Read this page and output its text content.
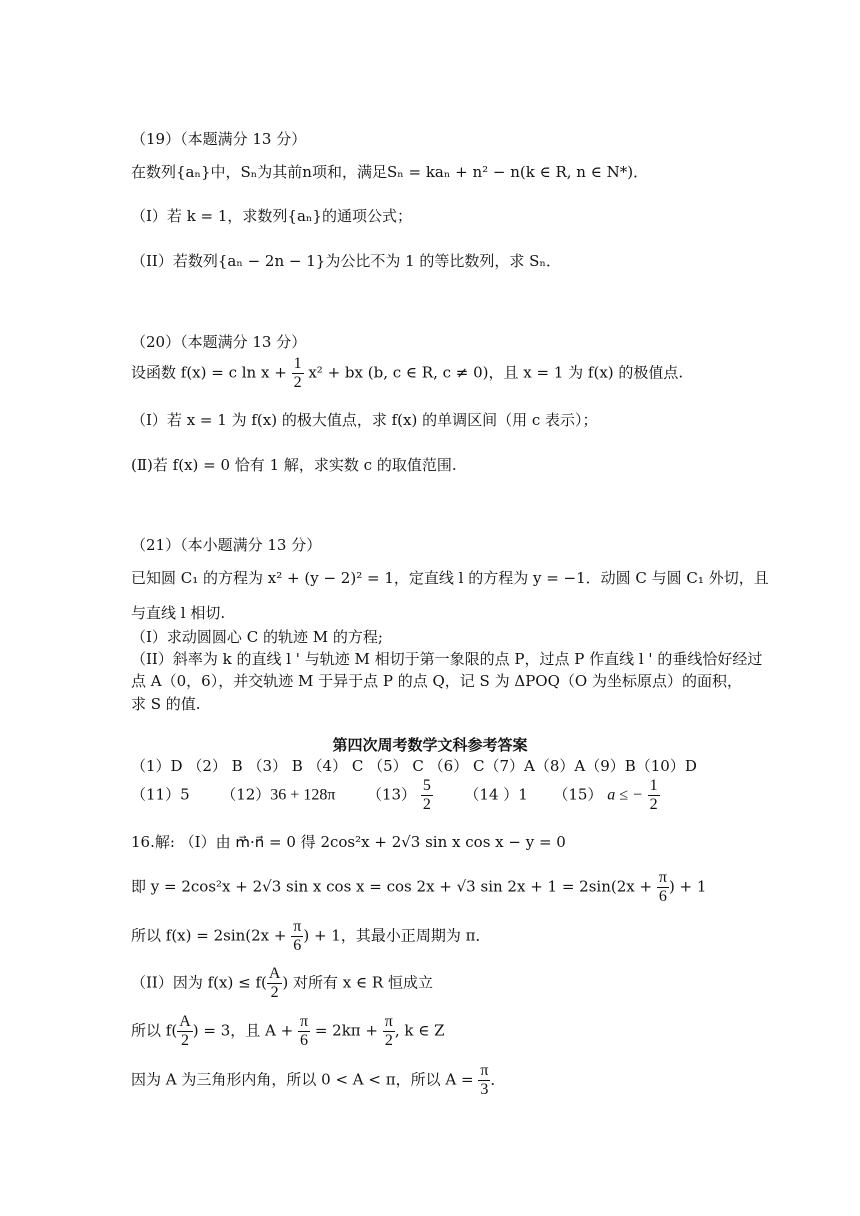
（19）（本题满分 13 分）
在数列{aₙ}中，Sₙ为其前n项和，满足Sₙ = kaₙ + n² − n(k ∈ R, n ∈ N*)．
（I）若 k = 1，求数列{aₙ}的通项公式；
（II）若数列{aₙ − 2n − 1}为公比不为 1 的等比数列，求 Sₙ．
（20）（本题满分 13 分）
设函数 f(x) = c $\ln x + \frac{1}{2} x^2$ + bx (b, c ∈ R, c ≠ 0)，且 x = 1 为 f(x) 的极值点.
（Ⅰ）若 x = 1 为 f(x) 的极大值点，求 f(x) 的单调区间（用 c 表示）；
(Ⅱ)若 f(x) = 0 恰有 1 解，求实数 c 的取值范围.
（21）（本小题满分 13 分）
已知圆 C₁ 的方程为 x² + (y − 2)² = 1，定直线 l 的方程为 y = −1．动圆 C 与圆 C₁ 外切，且
与直线 l 相切.
（Ⅰ）求动圆圆心 C 的轨迹 M 的方程;
（II）斜率为 k 的直线 l ' 与轨迹 M 相切于第一象限的点 P，过点 P 作直线 l ' 的垂线恰好经过
点 A（0，6），并交轨迹 M 于异于点 P 的点 Q，记 S 为 ΔPOQ（O 为坐标原点）的面积，
求 S 的值.
第四次周考数学文科参考答案
（1）D （2） B （3） B （4） C （5） C （6） C（7）A（8）A（9）B（10）D
（11）5 （12）36 + 128π $(13) \frac{5}{2} (14$ ）1 （15） a ≤ − $\frac{1}{2}$
16.解: （I）由 m⃗·n⃗ = 0 得 2cos²x + 2√3 sin x cos x − y = 0
即 y = 2cos²x + 2√3 sin x cos x = cos 2x + √3 $\sin 2x + 1 = 2\sin(2x + \frac{\pi}{6}$ ) + 1
所以 $f(x) = 2\sin(2x + \frac{\pi}{6}$ ) + 1，其最小正周期为 π．
（II）因为 $f(x) \le f( \frac{A}{2}$ ) 对所有 x ∈ R 恒成立
所以 $f( \frac{A}{2}$ ) = 3，且 $A + \frac{\pi}{6} = 2k\pi + \frac{\pi}{2}$ , k ∈ Z
因为 A 为三角形内角，所以 0 < A < π，所以 $A = \frac{\pi}{3}$ ．
